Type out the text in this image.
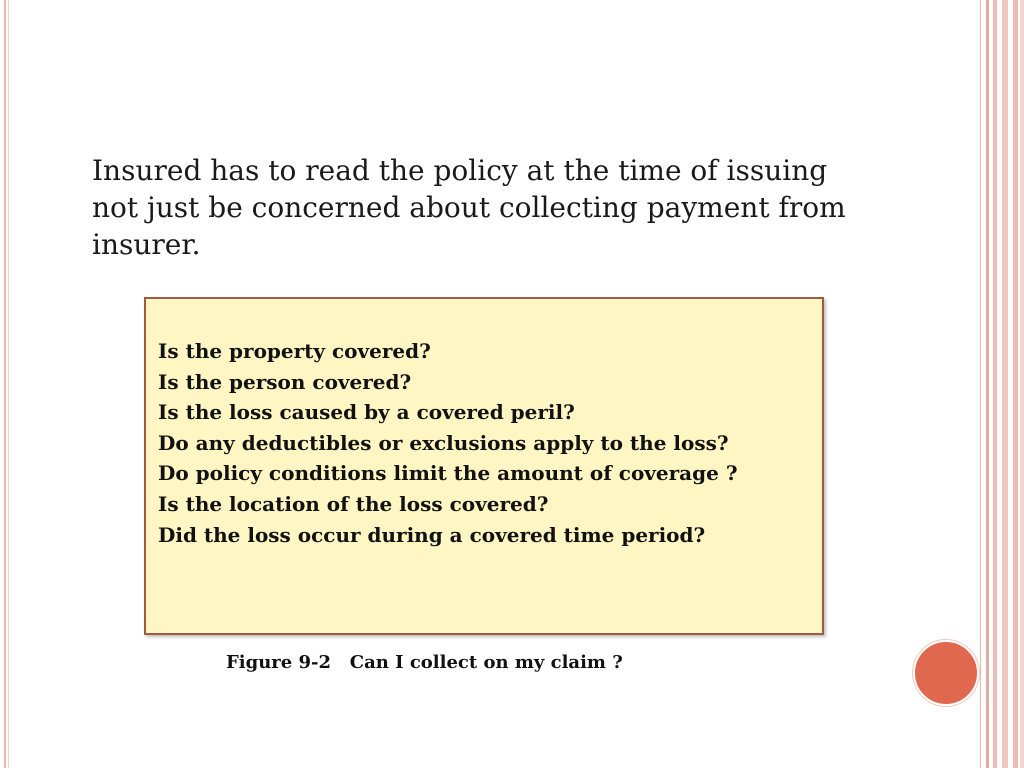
Insured has to read the policy at the time of issuing not just be concerned about collecting payment from insurer.

Is the property covered?
Is the person covered?
Is the loss caused by a covered peril?
Do any deductibles or exclusions apply to the loss?
Do policy conditions limit the amount of coverage ?
Is the location of the loss covered?
Did the loss occur during a covered time period?

Figure 9-2   Can I collect on my claim ?
